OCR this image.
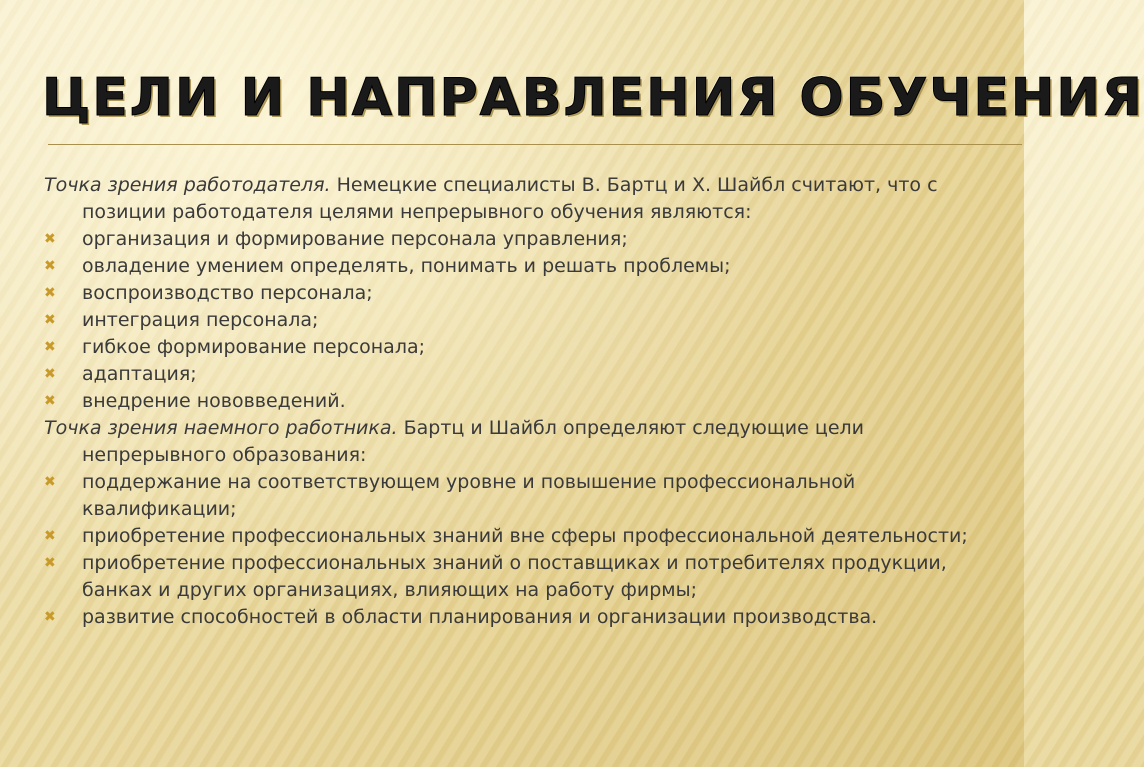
ЦЕЛИ И НАПРАВЛЕНИЯ ОБУЧЕНИЯ

Точка зрения работодателя. Немецкие специалисты В. Бартц и Х. Шайбл считают, что с позиции работодателя целями непрерывного обучения являются:

✖ организация и формирование персонала управления;
✖ овладение умением определять, понимать и решать проблемы;
✖ воспроизводство персонала;
✖ интеграция персонала;
✖ гибкое формирование персонала;
✖ адаптация;
✖ внедрение нововведений.

Точка зрения наемного работника. Бартц и Шайбл определяют следующие цели непрерывного образования:

✖ поддержание на соответствующем уровне и повышение профессиональной квалификации;
✖ приобретение профессиональных знаний вне сферы профессиональной деятельности;
✖ приобретение профессиональных знаний о поставщиках и потребителях продукции, банках и других организациях, влияющих на работу фирмы;
✖ развитие способностей в области планирования и организации производства.
